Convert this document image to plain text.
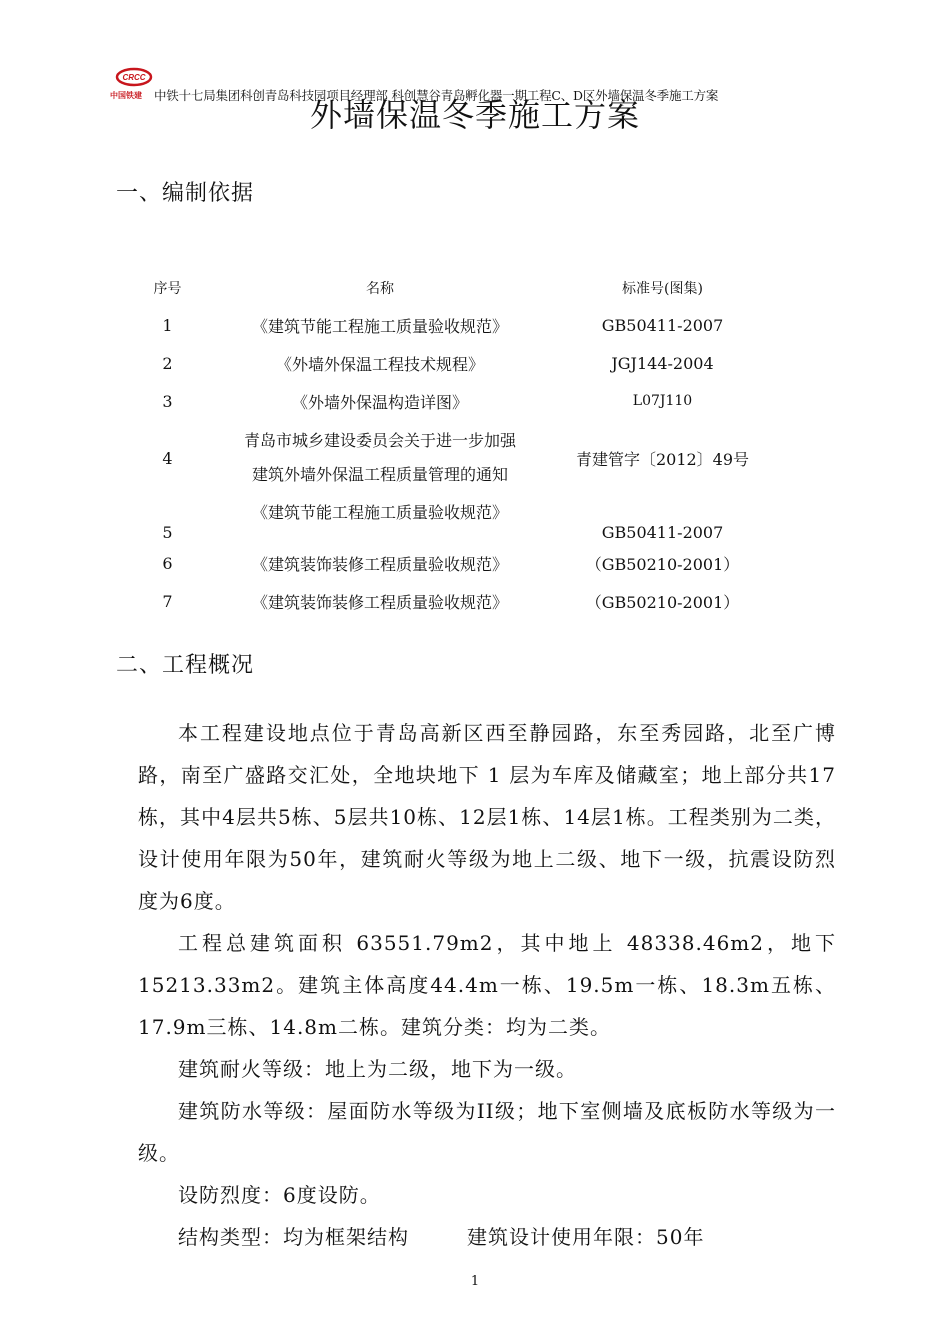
CRCC
中国铁建 中铁十七局集团科创青岛科技园项目经理部 科创慧谷青岛孵化器一期工程C、D区外墙保温冬季施工方案
外墙保温冬季施工方案
一、编制依据
序号	名称	标准号(图集)
1	《建筑节能工程施工质量验收规范》	GB50411-2007
2	《外墙外保温工程技术规程》	JGJ144-2004
3	《外墙外保温构造详图》	L07J110
4	青岛市城乡建设委员会关于进一步加强
建筑外墙外保温工程质量管理的通知	青建管字〔2012〕49号
5	《建筑节能工程施工质量验收规范》	GB50411-2007
6	《建筑装饰装修工程质量验收规范》	（GB50210-2001）
7	《建筑装饰装修工程质量验收规范》	（GB50210-2001）
二、工程概况

本工程建设地点位于青岛高新区西至静园路，东至秀园路，北至广博路，南至广盛路交汇处，全地块地下 1 层为车库及储藏室；地上部分共17栋，其中4层共5栋、5层共10栋、12层1栋、14层1栋。工程类别为二类，设计使用年限为50年，建筑耐火等级为地上二级、地下一级，抗震设防烈度为6度。

工程总建筑面积 63551.79m2，其中地上 48338.46m2，地下15213.33m2。建筑主体高度44.4m一栋、19.5m一栋、18.3m五栋、17.9m三栋、14.8m二栋。建筑分类：均为二类。

建筑耐火等级：地上为二级，地下为一级。

建筑防水等级：屋面防水等级为II级；地下室侧墙及底板防水等级为一级。

设防烈度：6度设防。

结构类型：均为框架结构	建筑设计使用年限：50年

1
